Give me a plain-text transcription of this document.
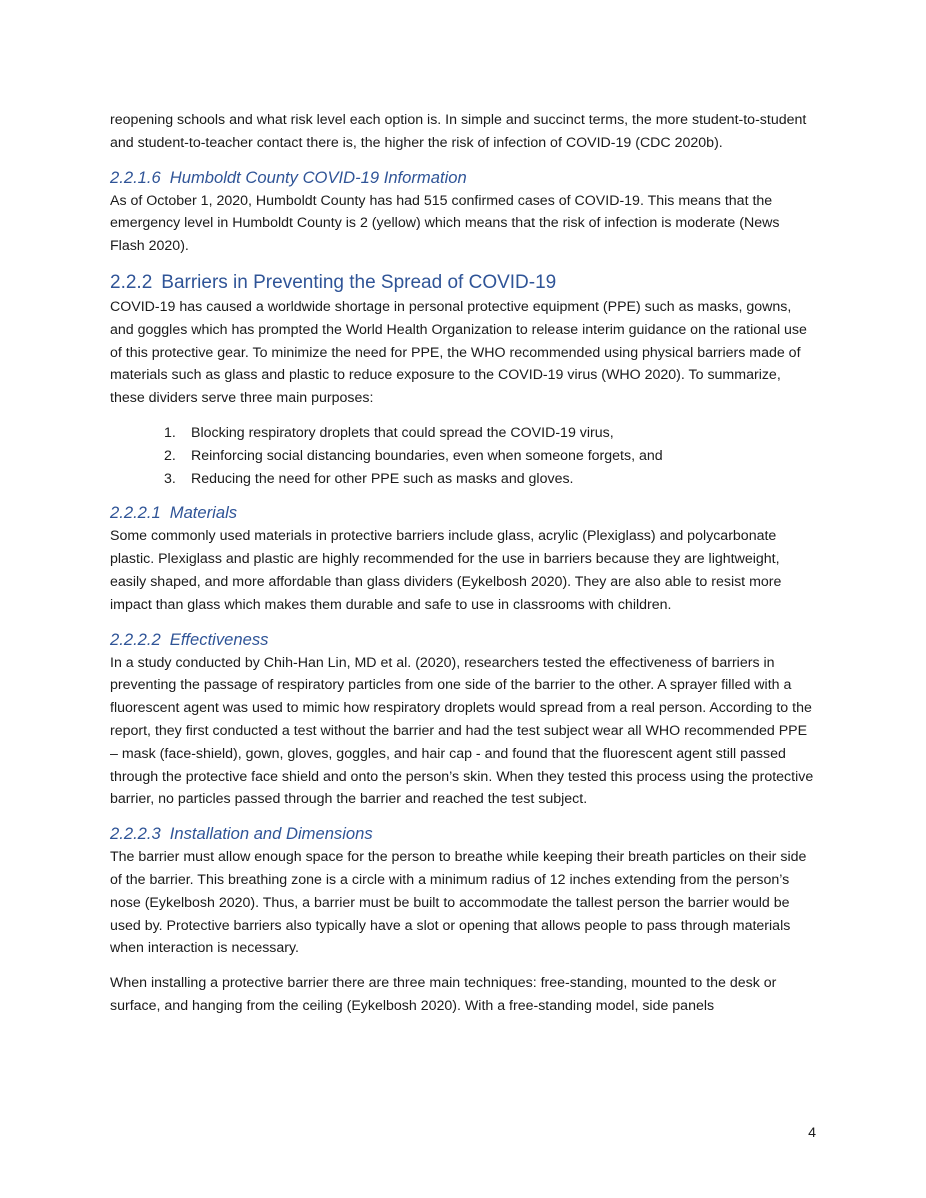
reopening schools and what risk level each option is. In simple and succinct terms, the more student-to-student and student-to-teacher contact there is, the higher the risk of infection of COVID-19 (CDC 2020b).

2.2.1.6 Humboldt County COVID-19 Information

As of October 1, 2020, Humboldt County has had 515 confirmed cases of COVID-19. This means that the emergency level in Humboldt County is 2 (yellow) which means that the risk of infection is moderate (News Flash 2020).

2.2.2 Barriers in Preventing the Spread of COVID-19

COVID-19 has caused a worldwide shortage in personal protective equipment (PPE) such as masks, gowns, and goggles which has prompted the World Health Organization to release interim guidance on the rational use of this protective gear. To minimize the need for PPE, the WHO recommended using physical barriers made of materials such as glass and plastic to reduce exposure to the COVID-19 virus (WHO 2020). To summarize, these dividers serve three main purposes:

1. Blocking respiratory droplets that could spread the COVID-19 virus,
2. Reinforcing social distancing boundaries, even when someone forgets, and
3. Reducing the need for other PPE such as masks and gloves.
2.2.2.1 Materials

Some commonly used materials in protective barriers include glass, acrylic (Plexiglass) and polycarbonate plastic. Plexiglass and plastic are highly recommended for the use in barriers because they are lightweight, easily shaped, and more affordable than glass dividers (Eykelbosh 2020). They are also able to resist more impact than glass which makes them durable and safe to use in classrooms with children.

2.2.2.2 Effectiveness

In a study conducted by Chih-Han Lin, MD et al. (2020), researchers tested the effectiveness of barriers in preventing the passage of respiratory particles from one side of the barrier to the other. A sprayer filled with a fluorescent agent was used to mimic how respiratory droplets would spread from a real person. According to the report, they first conducted a test without the barrier and had the test subject wear all WHO recommended PPE – mask (face-shield), gown, gloves, goggles, and hair cap - and found that the fluorescent agent still passed through the protective face shield and onto the person’s skin. When they tested this process using the protective barrier, no particles passed through the barrier and reached the test subject.

2.2.2.3 Installation and Dimensions

The barrier must allow enough space for the person to breathe while keeping their breath particles on their side of the barrier. This breathing zone is a circle with a minimum radius of 12 inches extending from the person’s nose (Eykelbosh 2020). Thus, a barrier must be built to accommodate the tallest person the barrier would be used by. Protective barriers also typically have a slot or opening that allows people to pass through materials when interaction is necessary.

When installing a protective barrier there are three main techniques: free-standing, mounted to the desk or surface, and hanging from the ceiling (Eykelbosh 2020). With a free-standing model, side panels

4
